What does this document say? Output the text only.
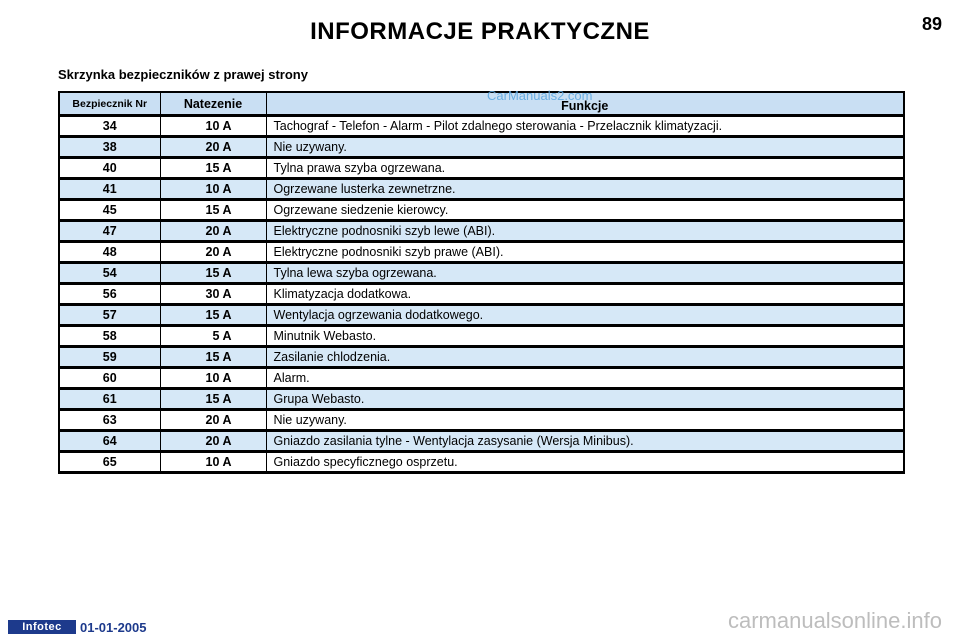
INFORMACJE PRAKTYCZNE	89
Skrzynka bezpieczników z prawej strony
Bezpiecznik Nr	Natezenie	Funkcje
34	10 A	Tachograf - Telefon - Alarm - Pilot zdalnego sterowania - Przelacznik klimatyzacji.
38	20 A	Nie uzywany.
40	15 A	Tylna prawa szyba ogrzewana.
41	10 A	Ogrzewane lusterka zewnetrzne.
45	15 A	Ogrzewane siedzenie kierowcy.
47	20 A	Elektryczne podnosniki szyb lewe (ABI).
48	20 A	Elektryczne podnosniki szyb prawe (ABI).
54	15 A	Tylna lewa szyba ogrzewana.
56	30 A	Klimatyzacja dodatkowa.
57	15 A	Wentylacja ogrzewania dodatkowego.
58	5 A	Minutnik Webasto.
59	15 A	Zasilanie chlodzenia.
60	10 A	Alarm.
61	15 A	Grupa Webasto.
63	20 A	Nie uzywany.
64	20 A	Gniazdo zasilania tylne - Wentylacja zasysanie (Wersja Minibus).
65	10 A	Gniazdo specyficznego osprzetu.
CarManuals2.com
Infotec	01-01-2005	carmanualsonline.info
